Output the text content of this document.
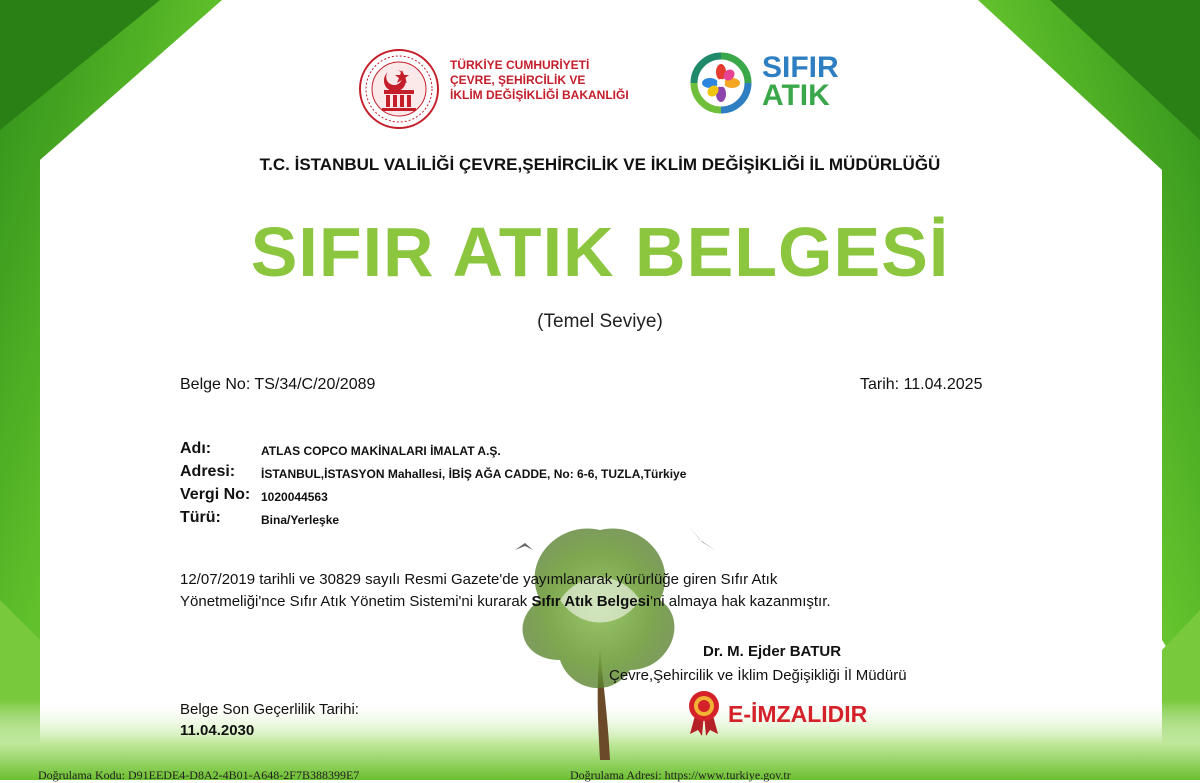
TÜRKİYE CUMHURİYETİ
ÇEVRE, ŞEHİRCİLİK VE
İKLİM DEĞİŞİKLİĞİ BAKANLIĞI
SIFIR
ATIK
T.C. İSTANBUL VALİLİĞİ ÇEVRE,ŞEHİRCİLİK VE İKLİM DEĞİŞİKLİĞİ İL MÜDÜRLÜĞÜ
SIFIR ATIK BELGESİ
(Temel Seviye)
Belge No: TS/34/C/20/2089	Tarih: 11.04.2025
Adı:	ATLAS COPCO MAKİNALARI İMALAT A.Ş.
Adresi: İSTANBUL,İSTASYON Mahallesi, İBİŞ AĞA CADDE, No: 6-6, TUZLA,Türkiye
Vergi No: 1020044563
Türü:	Bina/Yerleşke
12/07/2019 tarihli ve 30829 sayılı Resmi Gazete'de yayımlanarak yürürlüğe giren Sıfır Atık
Yönetmeliği'nce Sıfır Atık Yönetim Sistemi'ni kurarak Sıfır Atık Belgesi'ni almaya hak kazanmıştır.
Dr. M. Ejder BATUR
Çevre,Şehircilik ve İklim Değişikliği İl Müdürü
Belge Son Geçerlilik Tarihi:
11.04.2030
E-İMZALIDIR
Doğrulama Kodu: D91EEDE4-D8A2-4B01-A648-2F7B388399E7	Doğrulama Adresi: https://www.turkiye.gov.tr
